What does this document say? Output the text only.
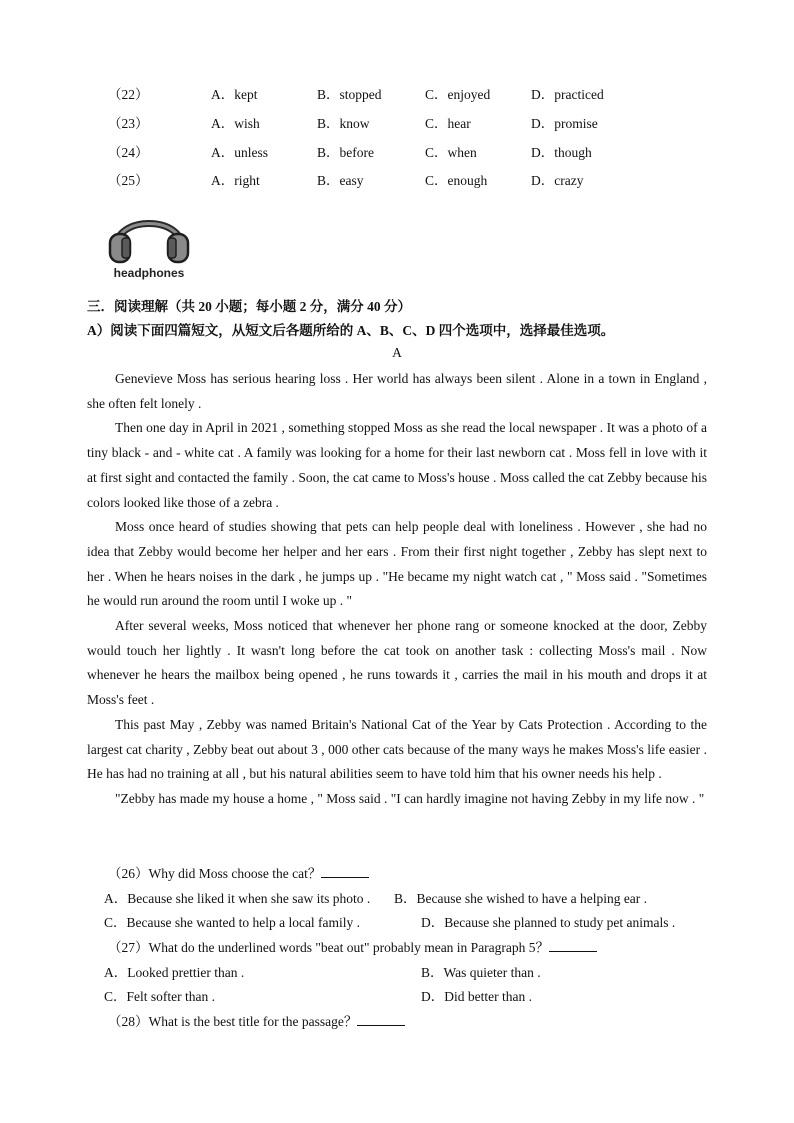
（22）	A．kept	B．stopped	C．enjoyed	D．practiced
（23）	A．wish	B．know	C．hear	D．promise
（24）	A．unless	B．before	C．when	D．though
（25）	A．right	B．easy	C．enough	D．crazy
headphones
三．阅读理解（共 20 小题；每小题 2 分，满分 40 分）
A）阅读下面四篇短文，从短文后各题所给的 A、B、C、D 四个选项中，选择最佳选项。
A

Genevieve Moss has serious hearing loss . Her world has always been silent . Alone in a town in England , she often felt lonely .

Then one day in April in 2021 , something stopped Moss as she read the local newspaper . It was a photo of a tiny black - and - white cat . A family was looking for a home for their last newborn cat . Moss fell in love with it at first sight and contacted the family . Soon, the cat came to Moss's house . Moss called the cat Zebby because his colors looked like those of a zebra .

Moss once heard of studies showing that pets can help people deal with loneliness . However , she had no idea that Zebby would become her helper and her ears . From their first night together , Zebby has slept next to her . When he hears noises in the dark , he jumps up . "He became my night watch cat , " Moss said . "Sometimes he would run around the room until I woke up . "

After several weeks, Moss noticed that whenever her phone rang or someone knocked at the door, Zebby would touch her lightly . It wasn't long before the cat took on another task : collecting Moss's mail . Now whenever he hears the mailbox being opened , he runs towards it , carries the mail in his mouth and drops it at Moss's feet .

This past May , Zebby was named Britain's National Cat of the Year by Cats Protection . According to the largest cat charity , Zebby beat out about 3 , 000 other cats because of the many ways he makes Moss's life easier . He has had no training at all , but his natural abilities seem to have told him that his owner needs his help .

"Zebby has made my house a home , " Moss said . "I can hardly imagine not having Zebby in my life now . "

（26）Why did Moss choose the cat？
A．Because she liked it when she saw its photo . B．Because she wished to have a helping ear .
C．Because she wanted to help a local family .	D．Because she planned to study pet animals .
（27）What do the underlined words "beat out" probably mean in Paragraph 5？
A．Looked prettier than .	B．Was quieter than .
C．Felt softer than .	D．Did better than .
（28）What is the best title for the passage？
